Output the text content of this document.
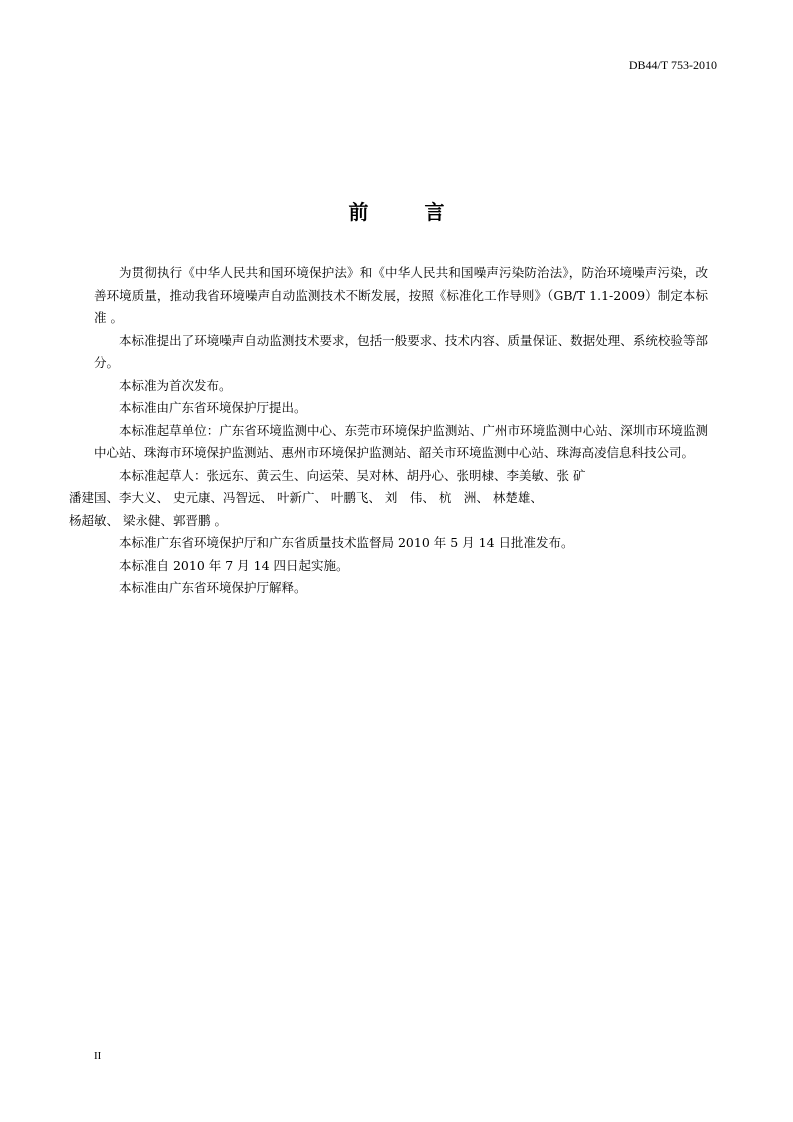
DB44/T 753-2010
前　言

为贯彻执行《中华人民共和国环境保护法》和《中华人民共和国噪声污染防治法》，防治环境噪声污染，改善环境质量，推动我省环境噪声自动监测技术不断发展，按照《标准化工作导则》（GB/T 1.1-2009）制定本标准 。

本标准提出了环境噪声自动监测技术要求，包括一般要求、技术内容、质量保证、数据处理、系统校验等部分。

本标准为首次发布。

本标准由广东省环境保护厅提出。

本标准起草单位：广东省环境监测中心、东莞市环境保护监测站、广州市环境监测中心站、深圳市环境监测中心站、珠海市环境保护监测站、惠州市环境保护监测站、韶关市环境监测中心站、珠海高凌信息科技公司。

本标准起草人：张远东、黄云生、向运荣、吴对林、胡丹心、张明棣、李美敏、张 矿
潘建国、李大义、 史元康、冯智远、 叶新广、 叶鹏飞、 刘　伟、 杭　洲、 林楚雄、
杨超敏、 梁永健、郭晋鹏 。

本标准广东省环境保护厅和广东省质量技术监督局 2010 年 5 月 14 日批准发布。

本标准自 2010 年 7 月 14 四日起实施。

本标准由广东省环境保护厅解释。

II
